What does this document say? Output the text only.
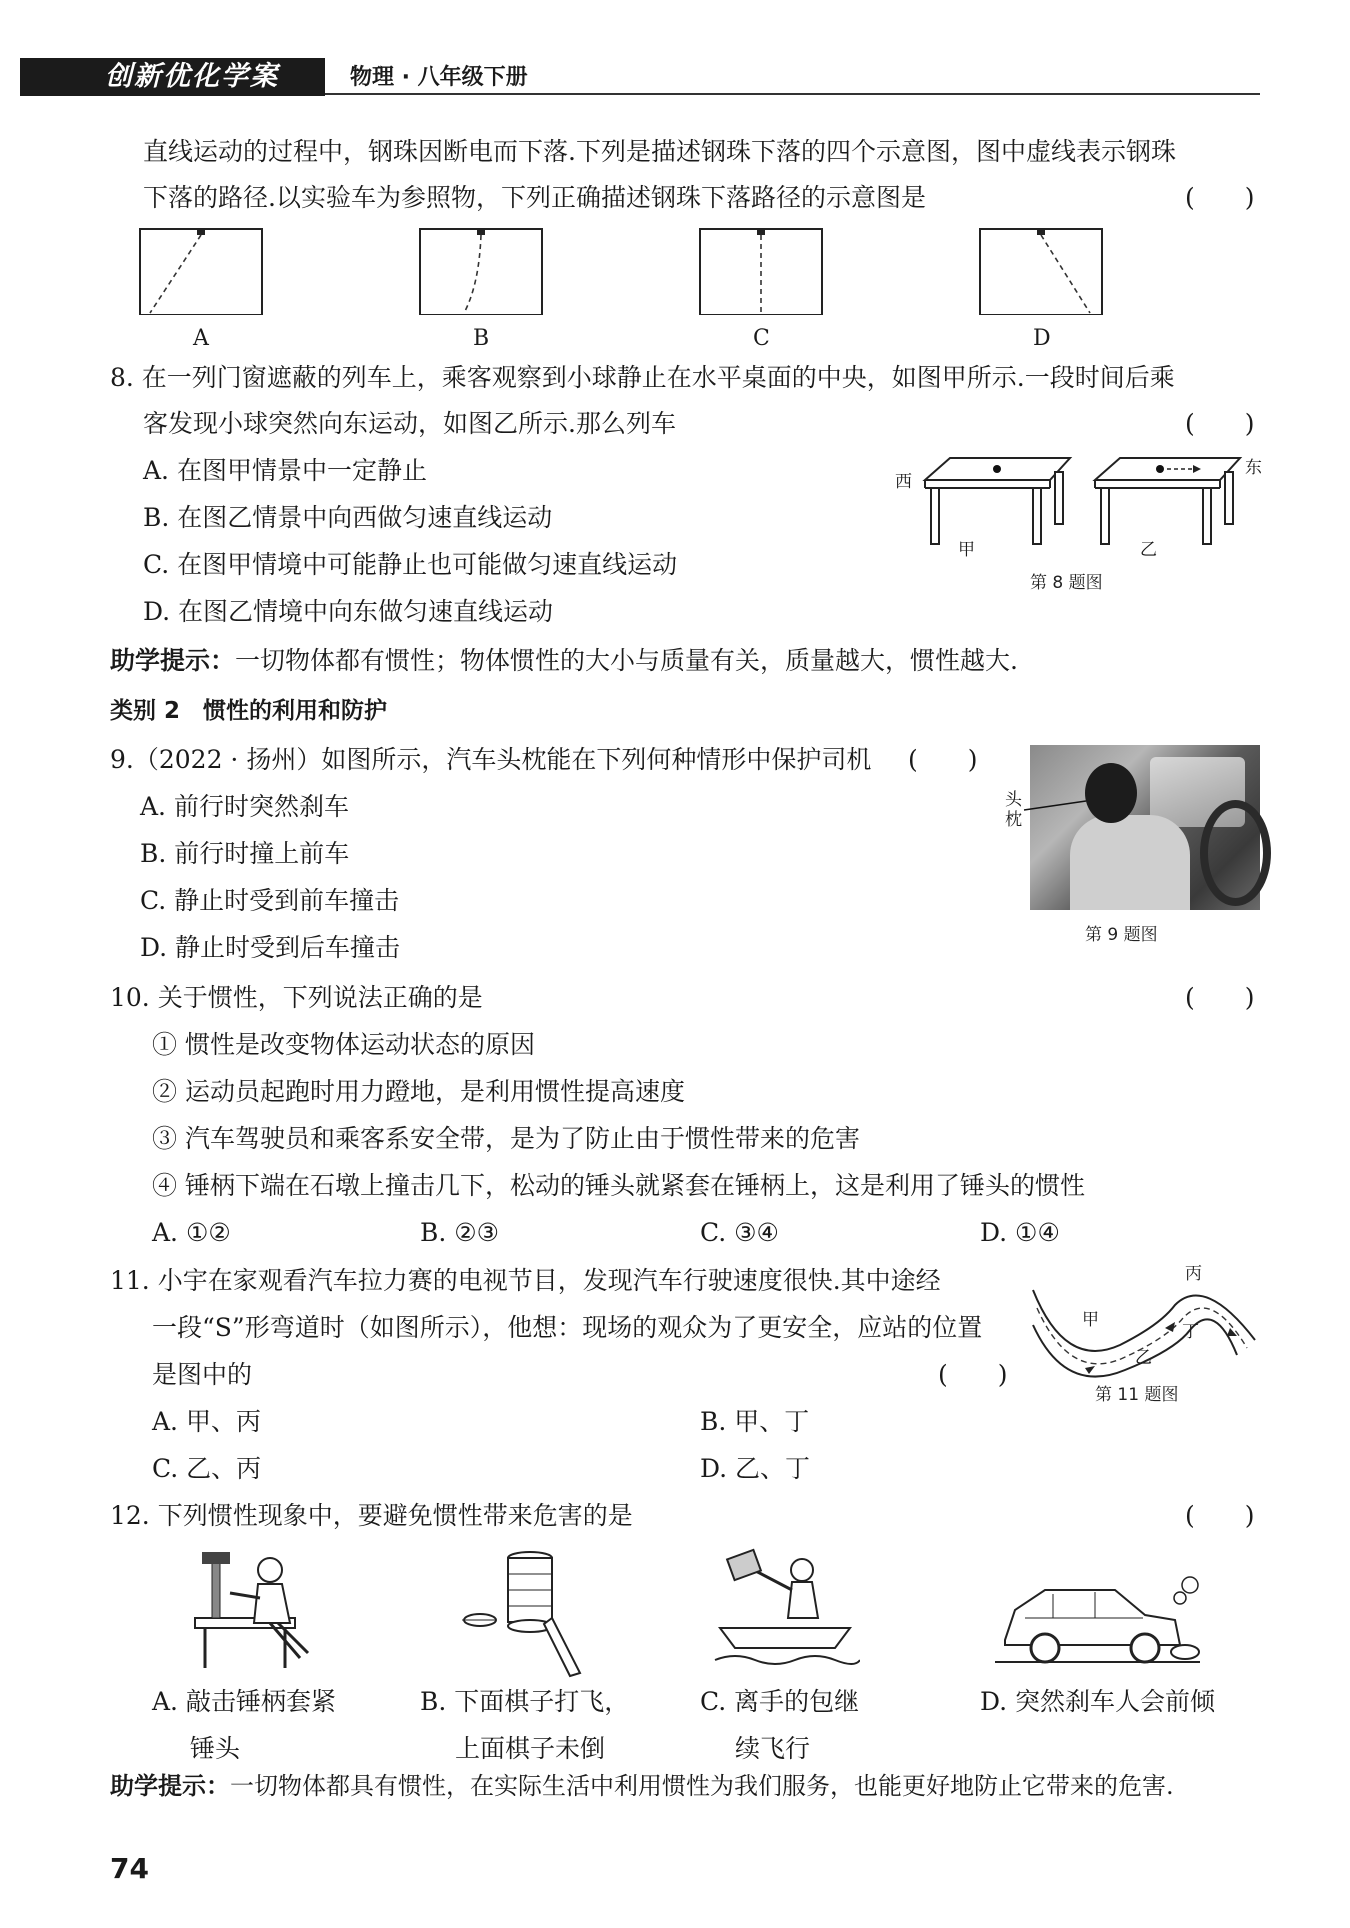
创新优化学案	物理 · 八年级下册
直线运动的过程中，钢珠因断电而下落.下列是描述钢珠下落的四个示意图，图中虚线表示钢珠
下落的路径.以实验车为参照物，下列正确描述钢珠下落路径的示意图是	(　　)
A	B	C	D
8. 在一列门窗遮蔽的列车上，乘客观察到小球静止在水平桌面的中央，如图甲所示.一段时间后乘
客发现小球突然向东运动，如图乙所示.那么列车	(　　)
A. 在图甲情景中一定静止
B. 在图乙情景中向西做匀速直线运动
C. 在图甲情境中可能静止也可能做匀速直线运动
D. 在图乙情境中向东做匀速直线运动
西
东
甲	乙
第 8 题图
助学提示：一切物体都有惯性；物体惯性的大小与质量有关，质量越大，惯性越大.
类别 2　惯性的利用和防护
9.（2022 · 扬州）如图所示，汽车头枕能在下列何种情形中保护司机 (　　)
A. 前行时突然刹车
B. 前行时撞上前车
C. 静止时受到前车撞击
D. 静止时受到后车撞击
头
枕
第 9 题图
10. 关于惯性，下列说法正确的是	(　　)
① 惯性是改变物体运动状态的原因
② 运动员起跑时用力蹬地，是利用惯性提高速度
③ 汽车驾驶员和乘客系安全带，是为了防止由于惯性带来的危害
④ 锤柄下端在石墩上撞击几下，松动的锤头就紧套在锤柄上，这是利用了锤头的惯性
A. ①②	B. ②③	C. ③④	D. ①④
11. 小宇在家观看汽车拉力赛的电视节目，发现汽车行驶速度很快.其中途经
一段“S”形弯道时（如图所示），他想：现场的观众为了更安全，应站的位置
是图中的	(　　)
A. 甲、丙	B. 甲、丁
C. 乙、丙	D. 乙、丁
甲
乙
丙
丁
第 11 题图
12. 下列惯性现象中，要避免惯性带来危害的是	(　　)
A. 敲击锤柄套紧
锤头
B. 下面棋子打飞，
上面棋子未倒
C. 离手的包继
续飞行
D. 突然刹车人会前倾
助学提示：一切物体都具有惯性，在实际生活中利用惯性为我们服务，也能更好地防止它带来的危害.
74
